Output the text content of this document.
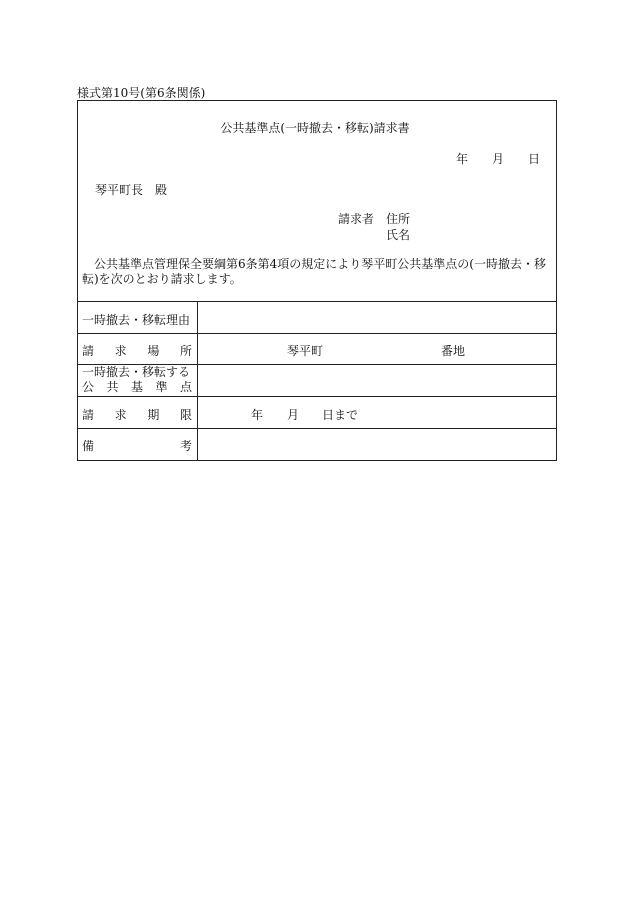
様式第10号(第6条関係)
公共基準点(一時撤去・移転)請求書
年 月 日
琴平町長　殿
請求者 住所
氏名
公共基準点管理保全要綱第6条第4項の規定により琴平町公共基準点の(一時撤去・移
転)を次のとおり請求します。
一時撤去・移転理由
請 求 場 所	琴平町	番地
一時撤去・移転する
公 共 基 準 点
請 求 期 限	年 月 日まで
備	考
